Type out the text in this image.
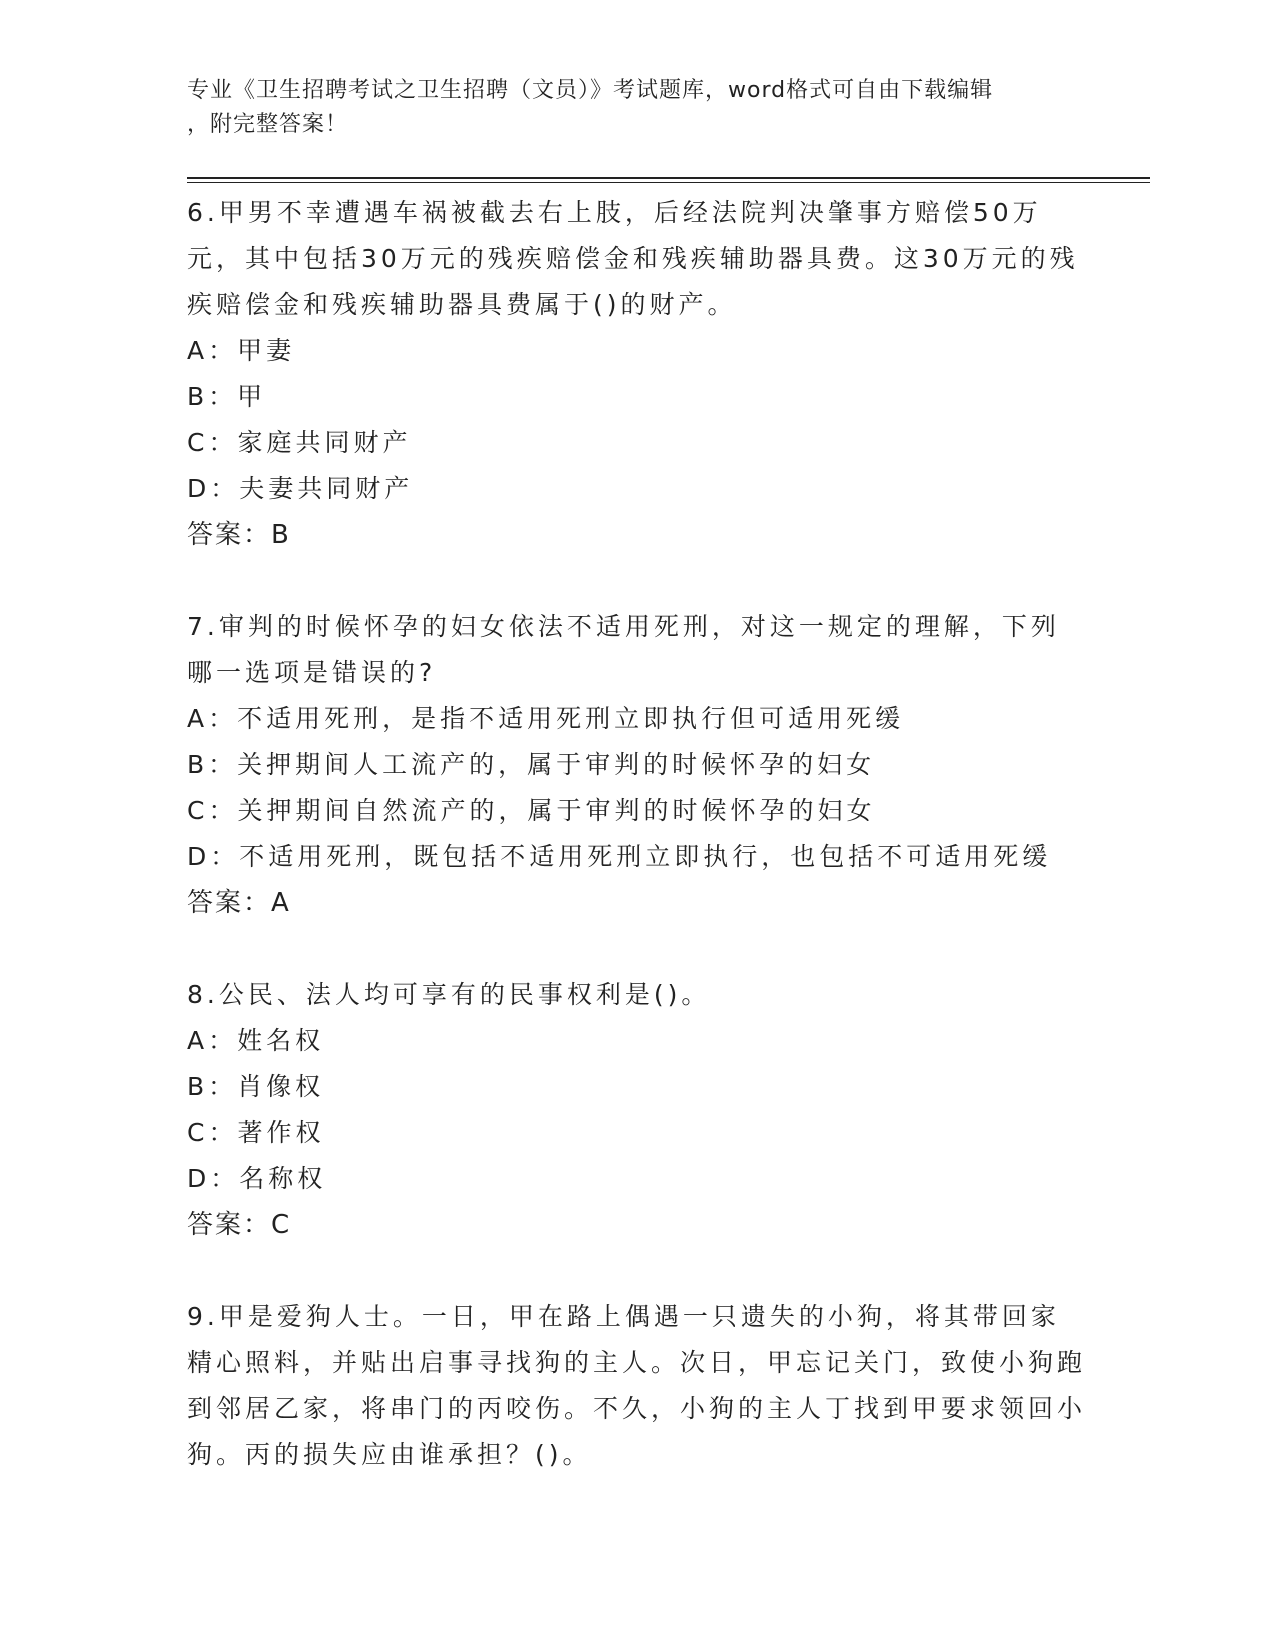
专业《卫生招聘考试之卫生招聘（文员）》考试题库，word格式可自由下载编辑
，附完整答案！
6.甲男不幸遭遇车祸被截去右上肢，后经法院判决肇事方赔偿50万元，其中包括30万元的残疾赔偿金和残疾辅助器具费。这30万元的残疾赔偿金和残疾辅助器具费属于()的财产。
A：甲妻
B：甲
C：家庭共同财产
D：夫妻共同财产
答案：B
7.审判的时候怀孕的妇女依法不适用死刑，对这一规定的理解，下列哪一选项是错误的?
A：不适用死刑，是指不适用死刑立即执行但可适用死缓
B：关押期间人工流产的，属于审判的时候怀孕的妇女
C：关押期间自然流产的，属于审判的时候怀孕的妇女
D：不适用死刑，既包括不适用死刑立即执行，也包括不可适用死缓
答案：A
8.公民、法人均可享有的民事权利是()。
A：姓名权
B：肖像权
C：著作权
D：名称权
答案：C
9.甲是爱狗人士。一日，甲在路上偶遇一只遗失的小狗，将其带回家精心照料，并贴出启事寻找狗的主人。次日，甲忘记关门，致使小狗跑到邻居乙家，将串门的丙咬伤。不久，小狗的主人丁找到甲要求领回小狗。丙的损失应由谁承担？()。
